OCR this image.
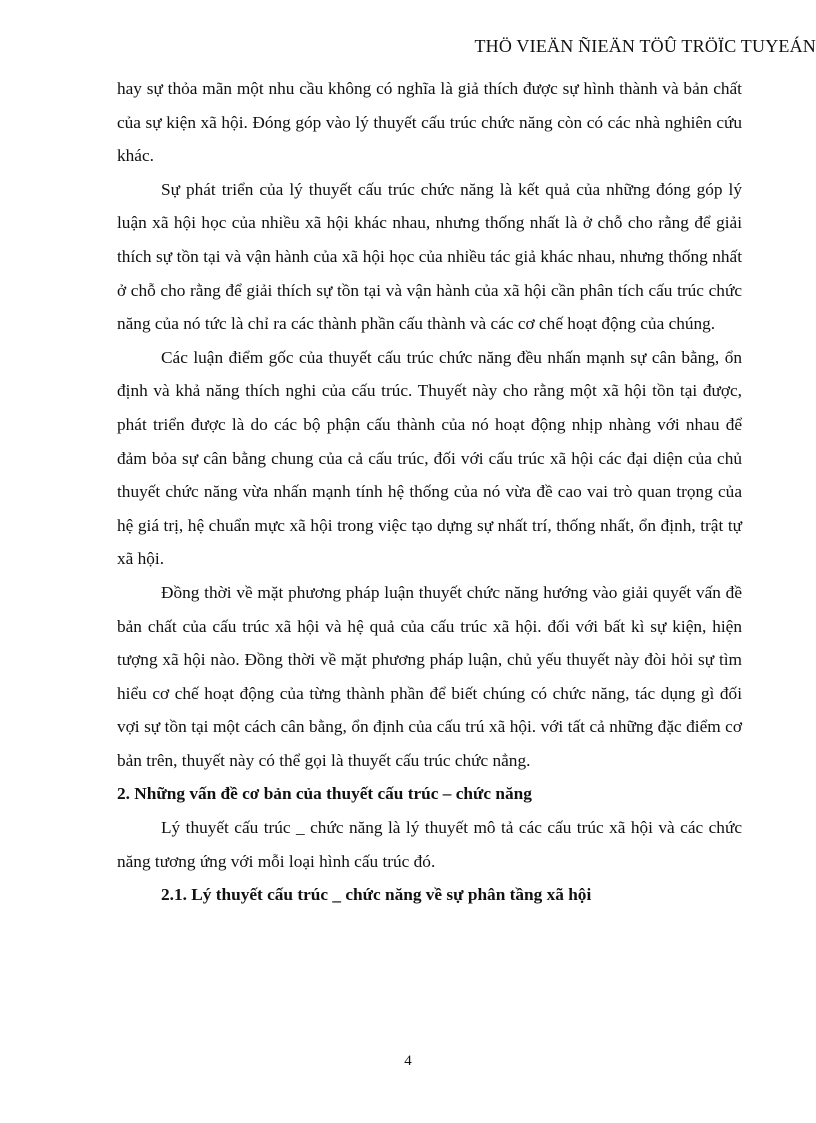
THÖ VIEÄN ÑIEÄN TÖÛ TRÖÏC TUYEÁN

hay sự thỏa mãn một nhu cầu không có nghĩa là giả thích được sự hình thành và bản chất của sự kiện xã hội. Đóng góp vào lý thuyết cấu trúc chức năng còn có các nhà nghiên cứu khác.

Sự phát triển của lý thuyết cấu trúc chức năng là kết quả của những đóng góp lý luận xã hội học của nhiều xã hội khác nhau, nhưng thống nhất là ở chỗ cho rằng để giải thích sự tồn tại và vận hành của xã hội học của nhiều tác giả khác nhau, nhưng thống nhất ở chỗ cho rằng để giải thích sự tồn tại và vận hành của xã hội cần phân tích cấu trúc chức năng của nó tức là chỉ ra các thành phần cấu thành và các cơ chế hoạt động của chúng.

Các luận điểm gốc của thuyết cấu trúc chức năng đều nhấn mạnh sự cân bằng, ổn định và khả năng thích nghi của cấu trúc. Thuyết này cho rằng một xã hội tồn tại được, phát triển được là do các bộ phận cấu thành của nó hoạt động nhịp nhàng với nhau để đảm bỏa sự cân bằng chung của cả cấu trúc, đối với cấu trúc xã hội các đại diện của chủ thuyết chức năng vừa nhấn mạnh tính hệ thống của nó vừa đề cao vai trò quan trọng của hệ giá trị, hệ chuẩn mực xã hội trong việc tạo dựng sự nhất trí, thống nhất, ổn định, trật tự xã hội.

Đồng thời về mặt phương pháp luận thuyết chức năng hướng vào giải quyết vấn đề bản chất của cấu trúc xã hội và hệ quả của cấu trúc xã hội. đối với bất kì sự kiện, hiện tượng xã hội nào. Đồng thời về mặt phương pháp luận, chủ yếu thuyết này đòi hỏi sự tìm hiểu cơ chế hoạt động của từng thành phần để biết chúng có chức năng, tác dụng gì đối vợi sự tồn tại một cách cân bằng, ổn định của cấu trú xã hội. với tất cả những đặc điểm cơ bản trên, thuyết này có thể gọi là thuyết cấu trúc chức nẳng.

2. Những vấn đề cơ bản của thuyết cấu trúc – chức năng

Lý thuyết cấu trúc _ chức năng là lý thuyết mô tả các cấu trúc xã hội và các chức năng tương ứng với mỗi loại hình cấu trúc đó.

2.1. Lý thuyết cấu trúc _ chức năng về sự phân tầng xã hội
4
